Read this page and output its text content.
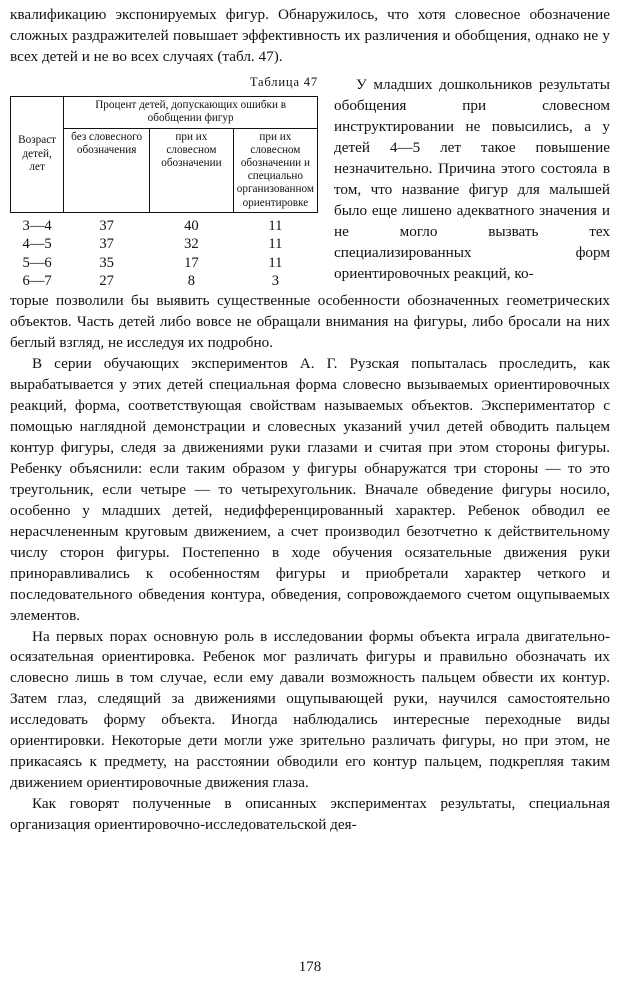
квалификацию экспонируемых фигур. Обнаружилось, что хотя словесное обозначение сложных раздражителей повышает эффективность их различения и обобщения, однако не у всех детей и не во всех случаях (табл. 47).

Таблица 47
Возраст детей, лет	Процент детей, допускающих ошибки в обобщении фигур		
	без словесного обозначения	при их словесном обозначении	при их словесном обозначении и специально организованном ориентировке
3—4	37	40	11
4—5	37	32	11
5—6	35	17	11
6—7	27	8	3

У младших дошкольников результаты обобщения при словесном инструктировании не повысились, а у детей 4—5 лет такое повышение незначительно. Причина этого состояла в том, что название фигур для малышей было еще лишено адекватного значения и не могло вызвать тех специализированных форм ориентировочных реакций, ко-

торые позволили бы выявить существенные особенности обозначенных геометрических объектов. Часть детей либо вовсе не обращали внимания на фигуры, либо бросали на них беглый взгляд, не исследуя их подробно.

В серии обучающих экспериментов А. Г. Рузская попыталась проследить, как вырабатывается у этих детей специальная форма словесно вызываемых ориентировочных реакций, форма, соответствующая свойствам называемых объектов. Экспериментатор с помощью наглядной демонстрации и словесных указаний учил детей обводить пальцем контур фигуры, следя за движениями руки глазами и считая при этом стороны фигуры. Ребенку объяснили: если таким образом у фигуры обнаружатся три стороны — то это треугольник, если четыре — то четырехугольник. Вначале обведение фигуры носило, особенно у младших детей, недифференцированный характер. Ребенок обводил ее нерасчлененным круговым движением, а счет производил безотчетно к действительному числу сторон фигуры. Постепенно в ходе обучения осязательные движения руки приноравливались к особенностям фигуры и приобретали характер четкого и последовательного обведения контура, обведения, сопровождаемого счетом ощупываемых элементов.

На первых порах основную роль в исследовании формы объекта играла двигательно-осязательная ориентировка. Ребенок мог различать фигуры и правильно обозначать их словесно лишь в том случае, если ему давали возможность пальцем обвести их контур. Затем глаз, следящий за движениями ощупывающей руки, научился самостоятельно исследовать форму объекта. Иногда наблюдались интересные переходные виды ориентировки. Некоторые дети могли уже зрительно различать фигуры, но при этом, не прикасаясь к предмету, на расстоянии обводили его контур пальцем, подкрепляя таким движением ориентировочные движения глаза.

Как говорят полученные в описанных экспериментах результаты, специальная организация ориентировочно-исследовательской дея-

178
